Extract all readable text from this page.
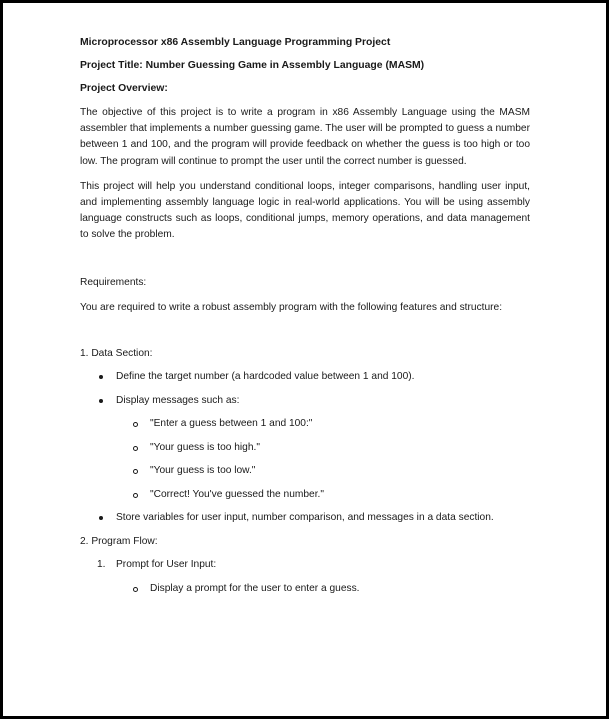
Microprocessor x86 Assembly Language Programming Project
Project Title: Number Guessing Game in Assembly Language (MASM)
Project Overview:

The objective of this project is to write a program in x86 Assembly Language using the MASM assembler that implements a number guessing game. The user will be prompted to guess a number between 1 and 100, and the program will provide feedback on whether the guess is too high or too low. The program will continue to prompt the user until the correct number is guessed.

This project will help you understand conditional loops, integer comparisons, handling user input, and implementing assembly language logic in real-world applications. You will be using assembly language constructs such as loops, conditional jumps, memory operations, and data management to solve the problem.

Requirements:
You are required to write a robust assembly program with the following features and structure:
1. Data Section:
Define the target number (a hardcoded value between 1 and 100).
Display messages such as:
"Enter a guess between 1 and 100:"
"Your guess is too high."
"Your guess is too low."
"Correct! You've guessed the number."
Store variables for user input, number comparison, and messages in a data section.
2. Program Flow:
1. Prompt for User Input:
Display a prompt for the user to enter a guess.
